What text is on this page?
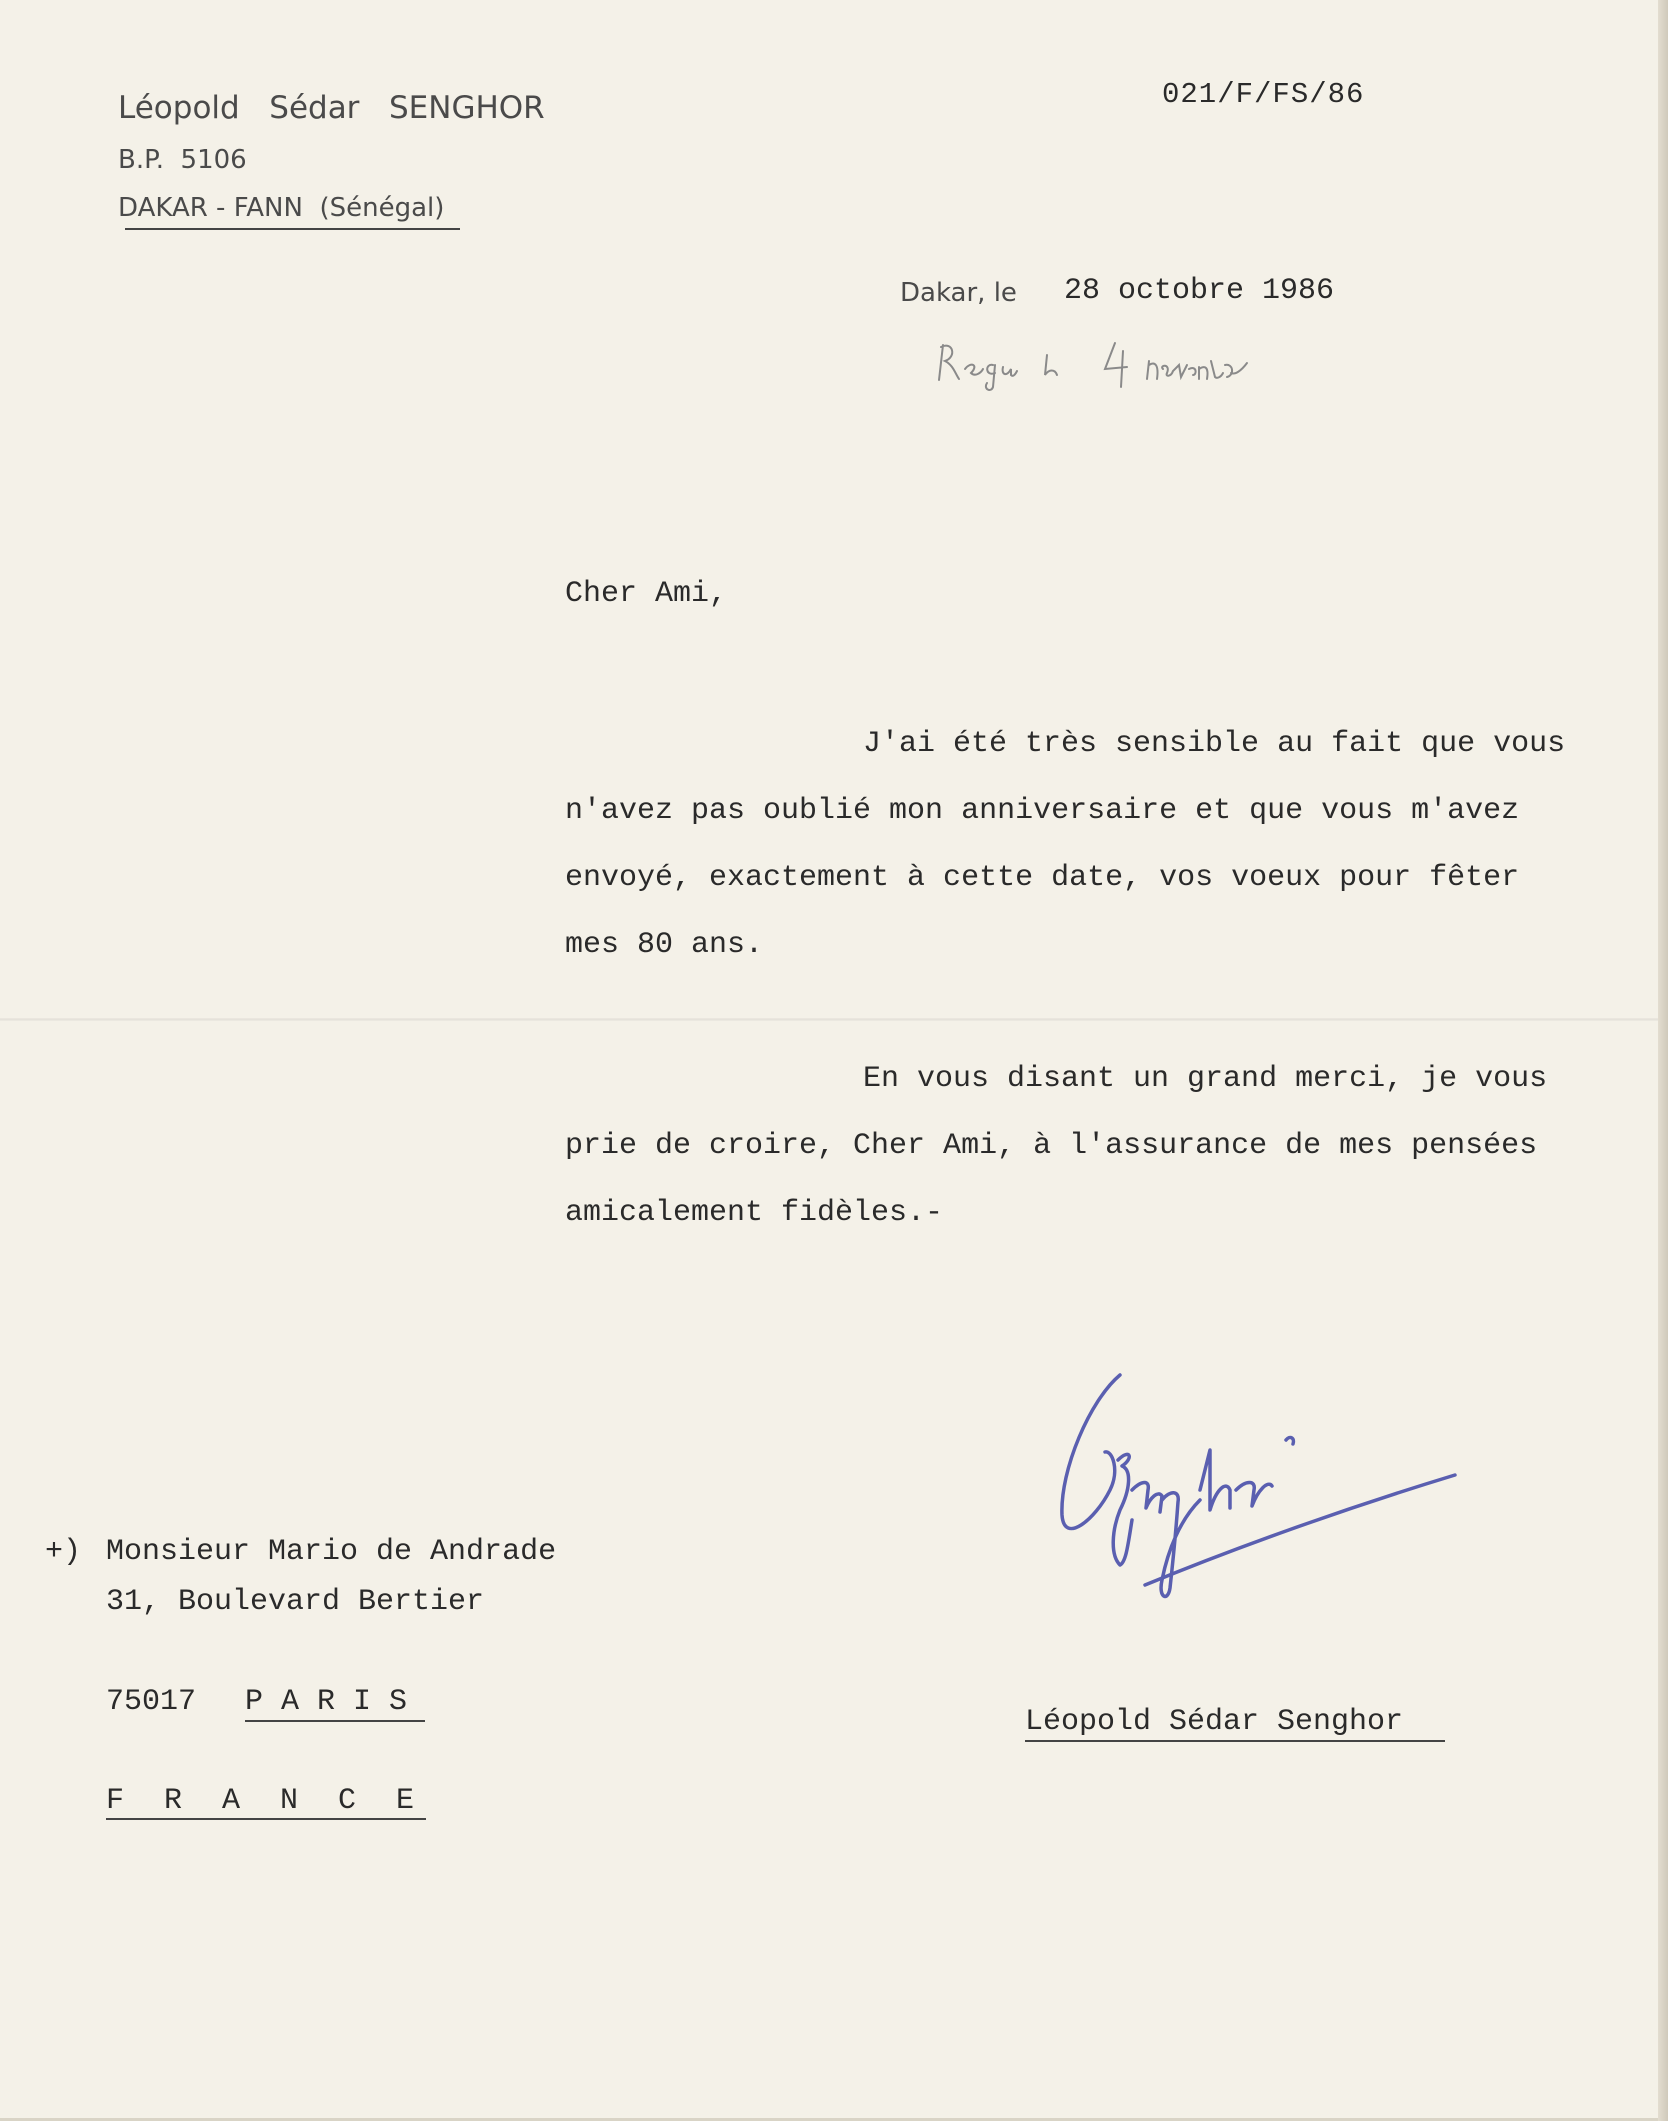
Léopold   Sédar   SENGHOR
B.P.  5106
DAKAR - FANN  (Sénégal)
021/F/FS/86
Dakar, le 28 octobre 1986
Cher Ami,
J'ai été très sensible au fait que vous
n'avez pas oublié mon anniversaire et que vous m'avez
envoyé, exactement à cette date, vos voeux pour fêter
mes 80 ans.
En vous disant un grand merci, je vous
prie de croire, Cher Ami, à l'assurance de mes pensées
amicalement fidèles.-
Léopold Sédar Senghor
+) Monsieur Mario de Andrade
31, Boulevard Bertier
75017 PARIS
FRANCE
